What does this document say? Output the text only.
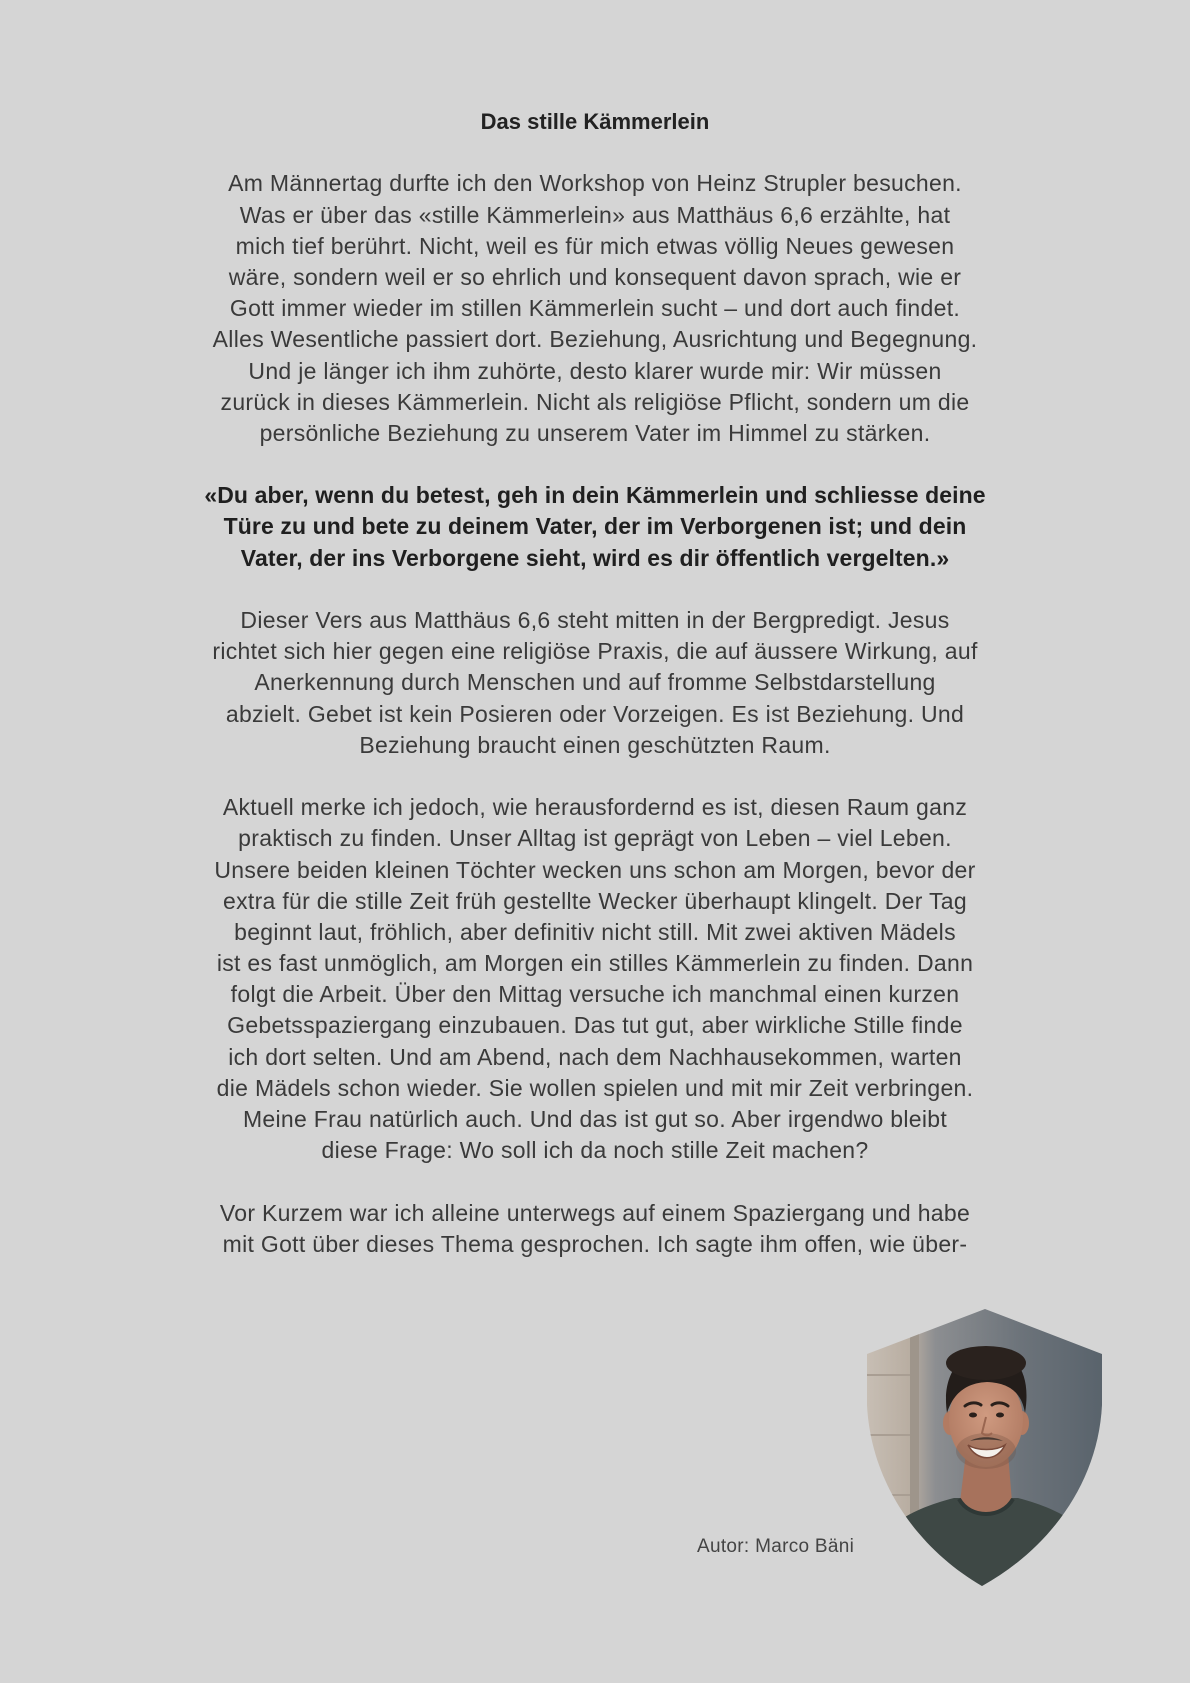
Das stille Kämmerlein
Am Männertag durfte ich den Workshop von Heinz Strupler besuchen.
Was er über das «stille Kämmerlein» aus Matthäus 6,6 erzählte, hat
mich tief berührt. Nicht, weil es für mich etwas völlig Neues gewesen
wäre, sondern weil er so ehrlich und konsequent davon sprach, wie er
Gott immer wieder im stillen Kämmerlein sucht – und dort auch findet.
Alles Wesentliche passiert dort. Beziehung, Ausrichtung und Begegnung.
Und je länger ich ihm zuhörte, desto klarer wurde mir: Wir müssen
zurück in dieses Kämmerlein. Nicht als religiöse Pflicht, sondern um die
persönliche Beziehung zu unserem Vater im Himmel zu stärken.
«Du aber, wenn du betest, geh in dein Kämmerlein und schliesse deine
Türe zu und bete zu deinem Vater, der im Verborgenen ist; und dein
Vater, der ins Verborgene sieht, wird es dir öffentlich vergelten.»
Dieser Vers aus Matthäus 6,6 steht mitten in der Bergpredigt. Jesus
richtet sich hier gegen eine religiöse Praxis, die auf äussere Wirkung, auf
Anerkennung durch Menschen und auf fromme Selbstdarstellung
abzielt. Gebet ist kein Posieren oder Vorzeigen. Es ist Beziehung. Und
Beziehung braucht einen geschützten Raum.
Aktuell merke ich jedoch, wie herausfordernd es ist, diesen Raum ganz
praktisch zu finden. Unser Alltag ist geprägt von Leben – viel Leben.
Unsere beiden kleinen Töchter wecken uns schon am Morgen, bevor der
extra für die stille Zeit früh gestellte Wecker überhaupt klingelt. Der Tag
beginnt laut, fröhlich, aber definitiv nicht still. Mit zwei aktiven Mädels
ist es fast unmöglich, am Morgen ein stilles Kämmerlein zu finden. Dann
folgt die Arbeit. Über den Mittag versuche ich manchmal einen kurzen
Gebetsspaziergang einzubauen. Das tut gut, aber wirkliche Stille finde
ich dort selten. Und am Abend, nach dem Nachhausekommen, warten
die Mädels schon wieder. Sie wollen spielen und mit mir Zeit verbringen.
Meine Frau natürlich auch. Und das ist gut so. Aber irgendwo bleibt
diese Frage: Wo soll ich da noch stille Zeit machen?
Vor Kurzem war ich alleine unterwegs auf einem Spaziergang und habe
mit Gott über dieses Thema gesprochen. Ich sagte ihm offen, wie über-
Autor: Marco Bäni
